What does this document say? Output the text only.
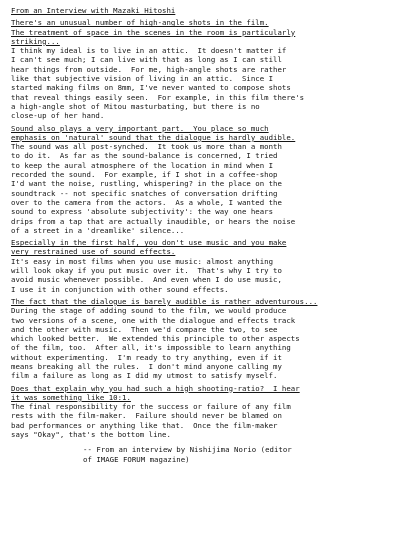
From an Interview with Mazaki Hitoshi
There's an unusual number of high-angle shots in the film.
The treatment of space in the scenes in the room is particularly
striking...
I think my ideal is to live in an attic.  It doesn't matter if
I can't see much; I can live with that as long as I can still
hear things from outside.  For me, high-angle shots are rather
like that subjective vision of living in an attic.  Since I
started making films on 8mm, I've never wanted to compose shots
that reveal things easily seen.  For example, in this film there's
a high-angle shot of Mitou masturbating, but there is no
close-up of her hand.
Sound also plays a very important part.  You place so much
emphasis on 'natural' sound that the dialogue is hardly audible.
The sound was all post-synched.  It took us more than a month
to do it.  As far as the sound-balance is concerned, I tried
to keep the aural atmosphere of the location in mind when I
recorded the sound.  For example, if I shot in a coffee-shop
I'd want the noise, rustling, whispering? in the place on the
soundtrack -- not specific snatches of conversation drifting
over to the camera from the actors.  As a whole, I wanted the
sound to express 'absolute subjectivity': the way one hears
drips from a tap that are actually inaudible, or hears the noise
of a street in a 'dreamlike' silence...
Especially in the first half, you don't use music and you make
very restrained use of sound effects.
It's easy in most films when you use music: almost anything
will look okay if you put music over it.  That's why I try to
avoid music whenever possible.  And even when I do use music,
I use it in conjunction with other sound effects.
The fact that the dialogue is barely audible is rather adventurous...
During the stage of adding sound to the film, we would produce
two versions of a scene, one with the dialogue and effects track
and the other with music.  Then we'd compare the two, to see
which looked better.  We extended this principle to other aspects
of the film, too.  After all, it's impossible to learn anything
without experimenting.  I'm ready to try anything, even if it
means breaking all the rules.  I don't mind anyone calling my
film a failure as long as I did my utmost to satisfy myself.
Does that explain why you had such a high shooting-ratio?  I hear
it was something like 10:1.
The final responsibility for the success or failure of any film
rests with the film-maker.  Failure should never be blamed on
bad performances or anything like that.  Once the film-maker
says "Okay", that's the bottom line.
-- From an interview by Nishijima Norio (editor
of IMAGE FORUM magazine)
